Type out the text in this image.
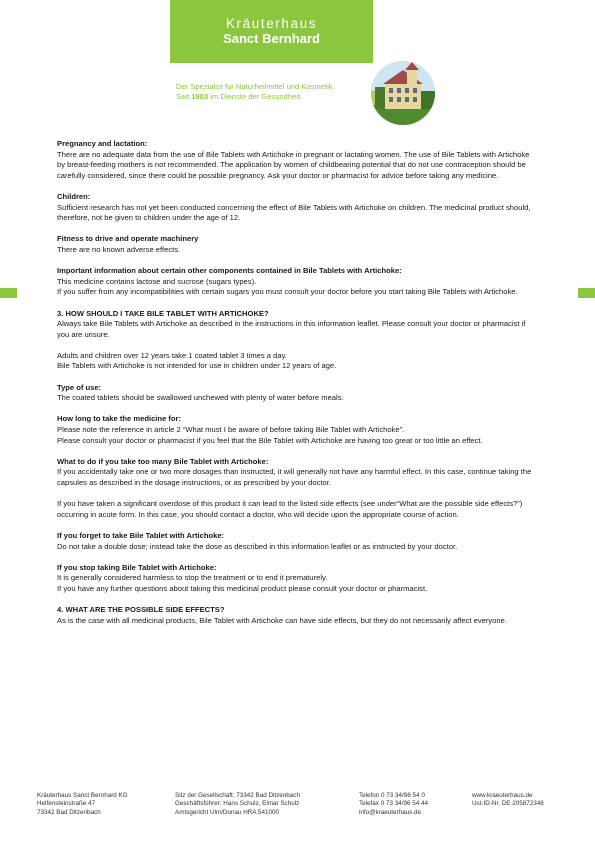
Kräuterhaus
Sanct Bernhard
Der Spezialist für Naturheilmittel und Kosmetik.
Seit 1903 im Dienste der Gesundheit.
Pregnancy and lactation:

There are no adequate data from the use of Bile Tablets with Artichoke in pregnant or lactating women. The use of Bile Tablets with Artichoke by breast-feeding mothers is not recommended. The application by women of childbearing potential that do not use contraception should be carefully considered, since there could be possible pregnancy. Ask your doctor or pharmacist for advice before taking any medicine.

Children:

Sufficient research has not yet been conducted concerning the effect of Bile Tablets with Artichoke on children. The medicinal product should, therefore, not be given to children under the age of 12.

Fitness to drive and operate machinery

There are no known adverse effects.

Important information about certain other components contained in Bile Tablets with Artichoke:

This medicine contains lactose and sucrose (sugars types).

If you suffer from any incompatibilities with certain sugars you must consult your doctor before you start taking Bile Tablets with Artichoke.

3. HOW SHOULD I TAKE BILE TABLET WITH ARTICHOKE?

Always take Bile Tablets with Artichoke as described in the instructions in this information leaflet. Please consult your doctor or pharmacist if you are unsure.

Adults and children over 12 years take 1 coated tablet 3 times a day.

Bile Tablets with Artichoke is not intended for use in children under 12 years of age.

Type of use:

The coated tablets should be swallowed unchewed with plenty of water before meals.

How long to take the medicine for:

Please note the reference in article 2 “What must I be aware of before taking Bile Tablet with Artichoke”.

Please consult your doctor or pharmacist if you feel that the Bile Tablet with Artichoke are having too great or too little an effect.

What to do if you take too many Bile Tablet with Artichoke:

If you accidentally take one or two more dosages than instructed, it will generally not have any harmful effect. In this case, continue taking the capsules as described in the dosage instructions, or as prescribed by your doctor.

If you have taken a significant overdose of this product it can lead to the listed side effects (see under“What are the possible side effects?”) occurring in acute form. In this case, you should contact a doctor, who will decide upon the appropriate course of action.

If you forget to take Bile Tablet with Artichoke:

Do not take a double dose; instead take the dose as described in this information leaflet or as instructed by your doctor.

If you stop taking Bile Tablet with Artichoke:

It is generally considered harmless to stop the treatment or to end it prematurely.

If you have any further questions about taking this medicinal product please consult your doctor or pharmacist.

4. WHAT ARE THE POSSIBLE SIDE EFFECTS?

As is the case with all medicinal products, Bile Tablet with Artichoke can have side effects, but they do not necessarily affect everyone.

Kräuterhaus Sanct Bernhard KG
Helfensteinstraße 47
73342 Bad Ditzenbach
Sitz der Gesellschaft: 73342 Bad Ditzenbach
Geschäftsführer: Hans Schulz, Elmar Schulz
Amtsgericht Ulm/Donau HRA 541000
Telefon 0 73 34/96 54 0
Telefax 0 73 34/96 54 44
info@kraeuterhaus.de
www.kraeuterhaus.de
Ust-ID-Nr. DE 205872348
